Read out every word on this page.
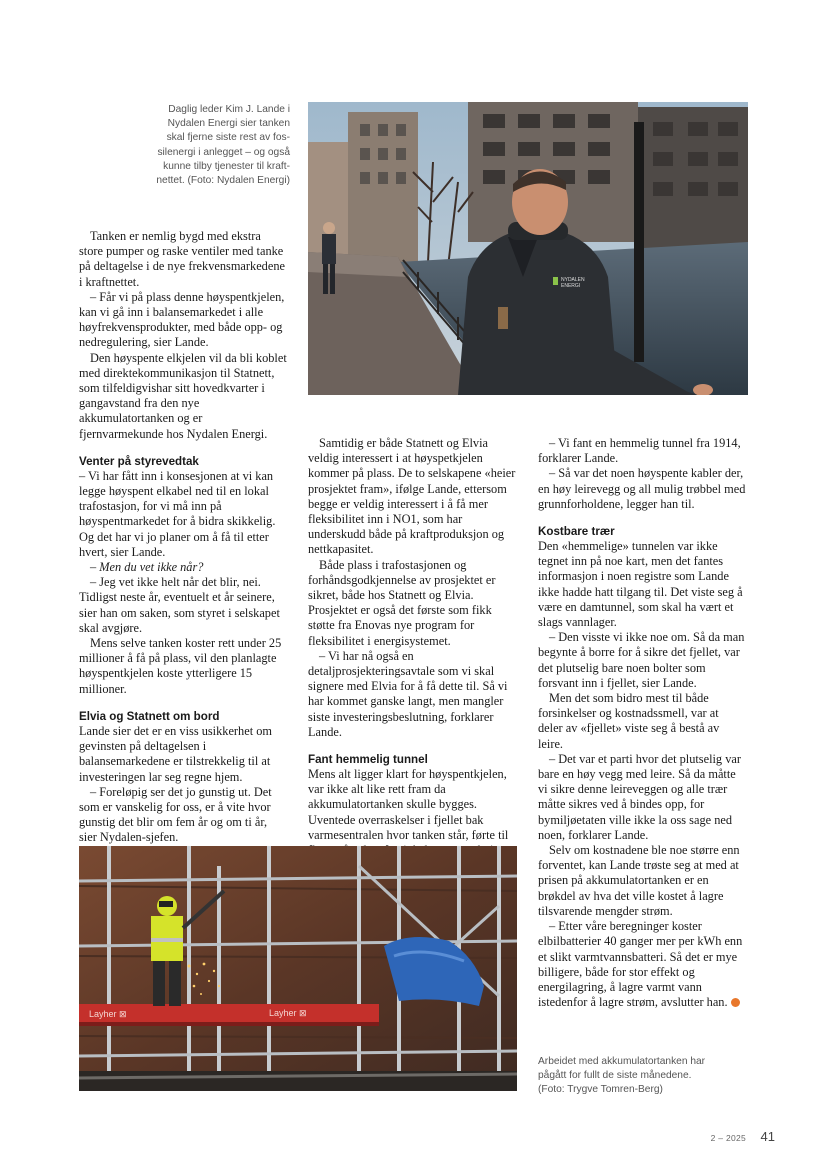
Daglig leder Kim J. Lande i

Nydalen Energi sier tanken

skal fjerne siste rest av fos-

silenergi i anlegget – og også

kunne tilby tjenester til kraft-

nettet. (Foto: Nydalen Energi)

NYDALEN
ENERGI

Tanken er nemlig bygd med ekstra store pumper og raske ventiler med tanke på deltagelse i de nye frekvensmarkedene i kraftnettet.

– Får vi på plass denne høyspentkjelen, kan vi gå inn i balansemarkedet i alle høyfrekvensprodukter, med både opp- og nedregulering, sier Lande.

Den høyspente elkjelen vil da bli koblet med direktekommunikasjon til Statnett, som tilfeldigvishar sitt hovedkvarter i gangavstand fra den nye akkumulatortanken og er fjernvarmekunde hos Nydalen Energi.

Venter på styrevedtak

– Vi har fått inn i konsesjonen at vi kan legge høyspent elkabel ned til en lokal trafostasjon, for vi må inn på høyspentmarkedet for å bidra skikkelig. Og det har vi jo planer om å få til etter hvert, sier Lande.

– Men du vet ikke når?

– Jeg vet ikke helt når det blir, nei. Tidligst neste år, eventuelt et år seinere, sier han om saken, som styret i selskapet skal avgjøre.

Mens selve tanken koster rett under 25 millioner å få på plass, vil den planlagte høyspentkjelen koste ytterligere 15 millioner.

Elvia og Statnett om bord

Lande sier det er en viss usikkerhet om gevinsten på deltagelsen i balansemarkedene er tilstrekkelig til at investeringen lar seg regne hjem.

– Foreløpig ser det jo gunstig ut. Det som er vanskelig for oss, er å vite hvor gunstig det blir om fem år og om ti år, sier Nydalen-sjefen.

Samtidig er både Statnett og Elvia veldig interessert i at høyspetkjelen kommer på plass. De to selskapene «heier prosjektet fram», ifølge Lande, ettersom begge er veldig interessert i å få mer fleksibilitet inn i NO1, som har underskudd både på kraftproduksjon og nettkapasitet.

Både plass i trafostasjonen og forhåndsgodkjennelse av prosjektet er sikret, både hos Statnett og Elvia. Prosjektet er også det første som fikk støtte fra Enovas nye program for fleksibilitet i energisystemet.

– Vi har nå også en detaljprosjekteringsavtale som vi skal signere med Elvia for å få dette til. Så vi har kommet ganske langt, men mangler siste investeringsbeslutning, forklarer Lande.

Fant hemmelig tunnel

Mens alt ligger klart for høyspentkjelen, var ikke alt like rett fram da akkumulatortanken skulle bygges. Uventede overraskelser i fjellet bak varmesentralen hvor tanken står, førte til

– Vi fant en hemmelig tunnel fra 1914, forklarer Lande.

– Så var det noen høyspente kabler der, en høy leirevegg og all mulig trøbbel med grunnforholdene, legger han til.

Kostbare trær

Den «hemmelige» tunnelen var ikke tegnet inn på noe kart, men det fantes informasjon i noen registre som Lande ikke hadde hatt tilgang til. Det viste seg å være en damtunnel, som skal ha vært et slags vannlager.

– Den visste vi ikke noe om. Så da man begynte å borre for å sikre det fjellet, var det plutselig bare noen bolter som forsvant inn i fjellet, sier Lande.

Men det som bidro mest til både forsinkelser og kostnadssmell, var at deler av «fjellet» viste seg å bestå av leire.

– Det var et parti hvor det plutselig var bare en høy vegg med leire. Så da måtte vi sikre denne leireveggen og alle trær måtte sikres ved å bindes opp, for bymiljøetaten ville ikke la oss sage ned noen, forklarer Lande.

Selv om kostnadene ble noe større enn forventet, kan Lande trøste seg at med at prisen på akkumulatortanken er en brøkdel av hva det ville kostet å lagre tilsvarende mengder strøm.

– Etter våre beregninger koster elbilbatterier 40 ganger mer per kWh enn et slikt varmtvannsbatteri. Så det er mye billigere, både for stor effekt og energilagring, å lagre varmt vann istedenfor å lagre strøm, avslutter han.

Layher ⊠	Layher ⊠

Arbeidet med akkumulatortanken har

pågått for fullt de siste månedene.

(Foto: Trygve Tomren-Berg)

2 – 2025 41
